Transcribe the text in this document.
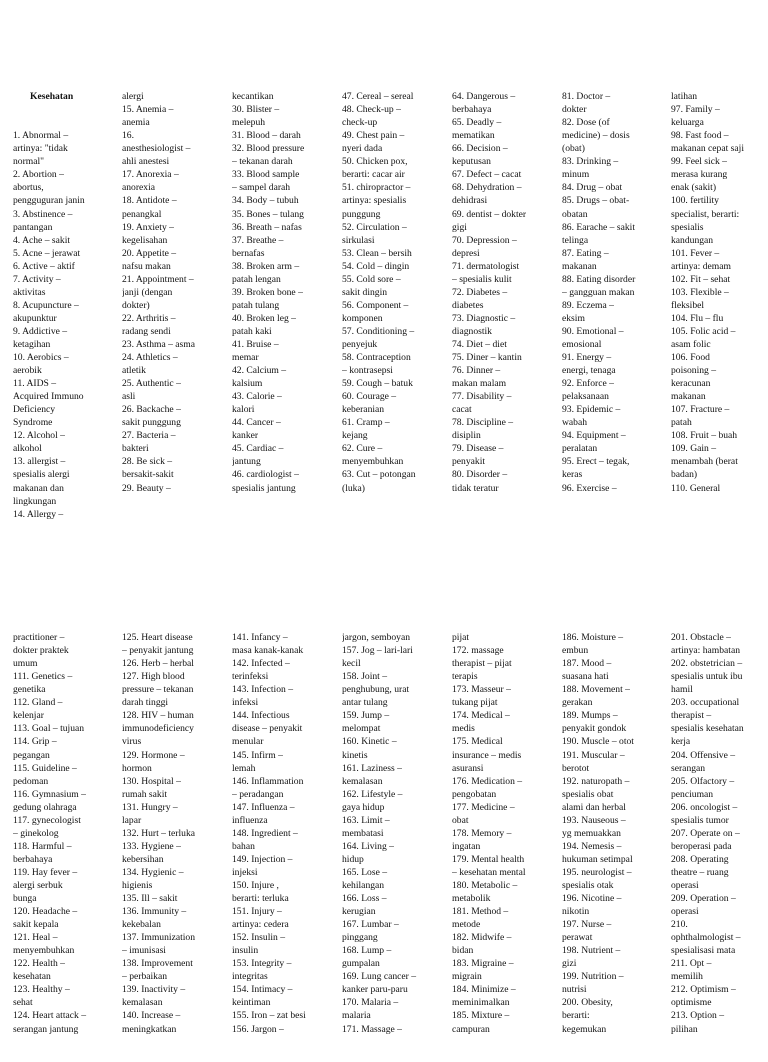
Kesehatan

1. Abnormal –
artinya: "tidak
normal"
2. Abortion –
abortus,
pengguguran janin
3. Abstinence –
pantangan
4. Ache – sakit
5. Acne – jerawat
6. Active – aktif
7. Activity –
aktivitas
8. Acupuncture –
akupunktur
9. Addictive –
ketagihan
10. Aerobics –
aerobik
11. AIDS –
Acquired Immuno
Deficiency
Syndrome
12. Alcohol –
alkohol
13. allergist –
spesialis alergi
makanan dan
lingkungan
14. Allergy –

alergi
15. Anemia –
anemia
16.
anesthesiologist –
ahli anestesi
17. Anorexia –
anorexia
18. Antidote –
penangkal
19. Anxiety –
kegelisahan
20. Appetite –
nafsu makan
21. Appointment –
janji (dengan
dokter)
22. Arthritis –
radang sendi
23. Asthma – asma
24. Athletics –
atletik
25. Authentic –
asli
26. Backache –
sakit punggung
27. Bacteria –
bakteri
28. Be sick –
bersakit-sakit
29. Beauty –

kecantikan
30. Blister –
melepuh
31. Blood – darah
32. Blood pressure
– tekanan darah
33. Blood sample
– sampel darah
34. Body – tubuh
35. Bones – tulang
36. Breath – nafas
37. Breathe –
bernafas
38. Broken arm –
patah lengan
39. Broken bone –
patah tulang
40. Broken leg –
patah kaki
41. Bruise –
memar
42. Calcium –
kalsium
43. Calorie –
kalori
44. Cancer –
kanker
45. Cardiac –
jantung
46. cardiologist –
spesialis jantung

47. Cereal – sereal
48. Check-up –
check-up
49. Chest pain –
nyeri dada
50. Chicken pox,
berarti: cacar air
51. chiropractor –
artinya: spesialis
punggung
52. Circulation –
sirkulasi
53. Clean – bersih
54. Cold – dingin
55. Cold sore –
sakit dingin
56. Component –
komponen
57. Conditioning –
penyejuk
58. Contraception
– kontrasepsi
59. Cough – batuk
60. Courage –
keberanian
61. Cramp –
kejang
62. Cure –
menyembuhkan
63. Cut – potongan
(luka)

64. Dangerous –
berbahaya
65. Deadly –
mematikan
66. Decision –
keputusan
67. Defect – cacat
68. Dehydration –
dehidrasi
69. dentist – dokter
gigi
70. Depression –
depresi
71. dermatologist
– spesialis kulit
72. Diabetes –
diabetes
73. Diagnostic –
diagnostik
74. Diet – diet
75. Diner – kantin
76. Dinner –
makan malam
77. Disability –
cacat
78. Discipline –
disiplin
79. Disease –
penyakit
80. Disorder –
tidak teratur

81. Doctor –
dokter
82. Dose (of
medicine) – dosis
(obat)
83. Drinking –
minum
84. Drug – obat
85. Drugs – obat-
obatan
86. Earache – sakit
telinga
87. Eating –
makanan
88. Eating disorder
– gangguan makan
89. Eczema –
eksim
90. Emotional –
emosional
91. Energy –
energi, tenaga
92. Enforce –
pelaksanaan
93. Epidemic –
wabah
94. Equipment –
peralatan
95. Erect – tegak,
keras
96. Exercise –

latihan
97. Family –
keluarga
98. Fast food –
makanan cepat saji
99. Feel sick –
merasa kurang
enak (sakit)
100. fertility
specialist, berarti:
spesialis
kandungan
101. Fever –
artinya: demam
102. Fit – sehat
103. Flexible –
fleksibel
104. Flu – flu
105. Folic acid –
asam folic
106. Food
poisoning –
keracunan
makanan
107. Fracture –
patah
108. Fruit – buah
109. Gain –
menambah (berat
badan)
110. General

practitioner –
dokter praktek
umum
111. Genetics –
genetika
112. Gland –
kelenjar
113. Goal – tujuan
114. Grip –
pegangan
115. Guideline –
pedoman
116. Gymnasium –
gedung olahraga
117. gynecologist
– ginekolog
118. Harmful –
berbahaya
119. Hay fever –
alergi serbuk
bunga
120. Headache –
sakit kepala
121. Heal –
menyembuhkan
122. Health –
kesehatan
123. Healthy –
sehat
124. Heart attack –
serangan jantung

125. Heart disease
– penyakit jantung
126. Herb – herbal
127. High blood
pressure – tekanan
darah tinggi
128. HIV – human
immunodeficiency
virus
129. Hormone –
hormon
130. Hospital –
rumah sakit
131. Hungry –
lapar
132. Hurt – terluka
133. Hygiene –
kebersihan
134. Hygienic –
higienis
135. Ill – sakit
136. Immunity –
kekebalan
137. Immunization
– imunisasi
138. Improvement
– perbaikan
139. Inactivity –
kemalasan
140. Increase –
meningkatkan

141. Infancy –
masa kanak-kanak
142. Infected –
terinfeksi
143. Infection –
infeksi
144. Infectious
disease – penyakit
menular
145. Infirm –
lemah
146. Inflammation
– peradangan
147. Influenza –
influenza
148. Ingredient –
bahan
149. Injection –
injeksi
150. Injure ,
berarti: terluka
151. Injury –
artinya: cedera
152. Insulin –
insulin
153. Integrity –
integritas
154. Intimacy –
keintiman
155. Iron – zat besi
156. Jargon –

jargon, semboyan
157. Jog – lari-lari
kecil
158. Joint –
penghubung, urat
antar tulang
159. Jump –
melompat
160. Kinetic –
kinetis
161. Laziness –
kemalasan
162. Lifestyle –
gaya hidup
163. Limit –
membatasi
164. Living –
hidup
165. Lose –
kehilangan
166. Loss –
kerugian
167. Lumbar –
pinggang
168. Lump –
gumpalan
169. Lung cancer –
kanker paru-paru
170. Malaria –
malaria
171. Massage –

pijat
172. massage
therapist – pijat
terapis
173. Masseur –
tukang pijat
174. Medical –
medis
175. Medical
insurance – medis
asuransi
176. Medication –
pengobatan
177. Medicine –
obat
178. Memory –
ingatan
179. Mental health
– kesehatan mental
180. Metabolic –
metabolik
181. Method –
metode
182. Midwife –
bidan
183. Migraine –
migrain
184. Minimize –
meminimalkan
185. Mixture –
campuran

186. Moisture –
embun
187. Mood –
suasana hati
188. Movement –
gerakan
189. Mumps –
penyakit gondok
190. Muscle – otot
191. Muscular –
berotot
192. naturopath –
spesialis obat
alami dan herbal
193. Nauseous –
yg memuakkan
194. Nemesis –
hukuman setimpal
195. neurologist –
spesialis otak
196. Nicotine –
nikotin
197. Nurse –
perawat
198. Nutrient –
gizi
199. Nutrition –
nutrisi
200. Obesity,
berarti:
kegemukan

201. Obstacle –
artinya: hambatan
202. obstetrician –
spesialis untuk ibu
hamil
203. occupational
therapist –
spesialis kesehatan
kerja
204. Offensive –
serangan
205. Olfactory –
penciuman
206. oncologist –
spesialis tumor
207. Operate on –
beroperasi pada
208. Operating
theatre – ruang
operasi
209. Operation –
operasi
210.
ophthalmologist –
spesialisasi mata
211. Opt –
memilih
212. Optimism –
optimisme
213. Option –
pilihan
